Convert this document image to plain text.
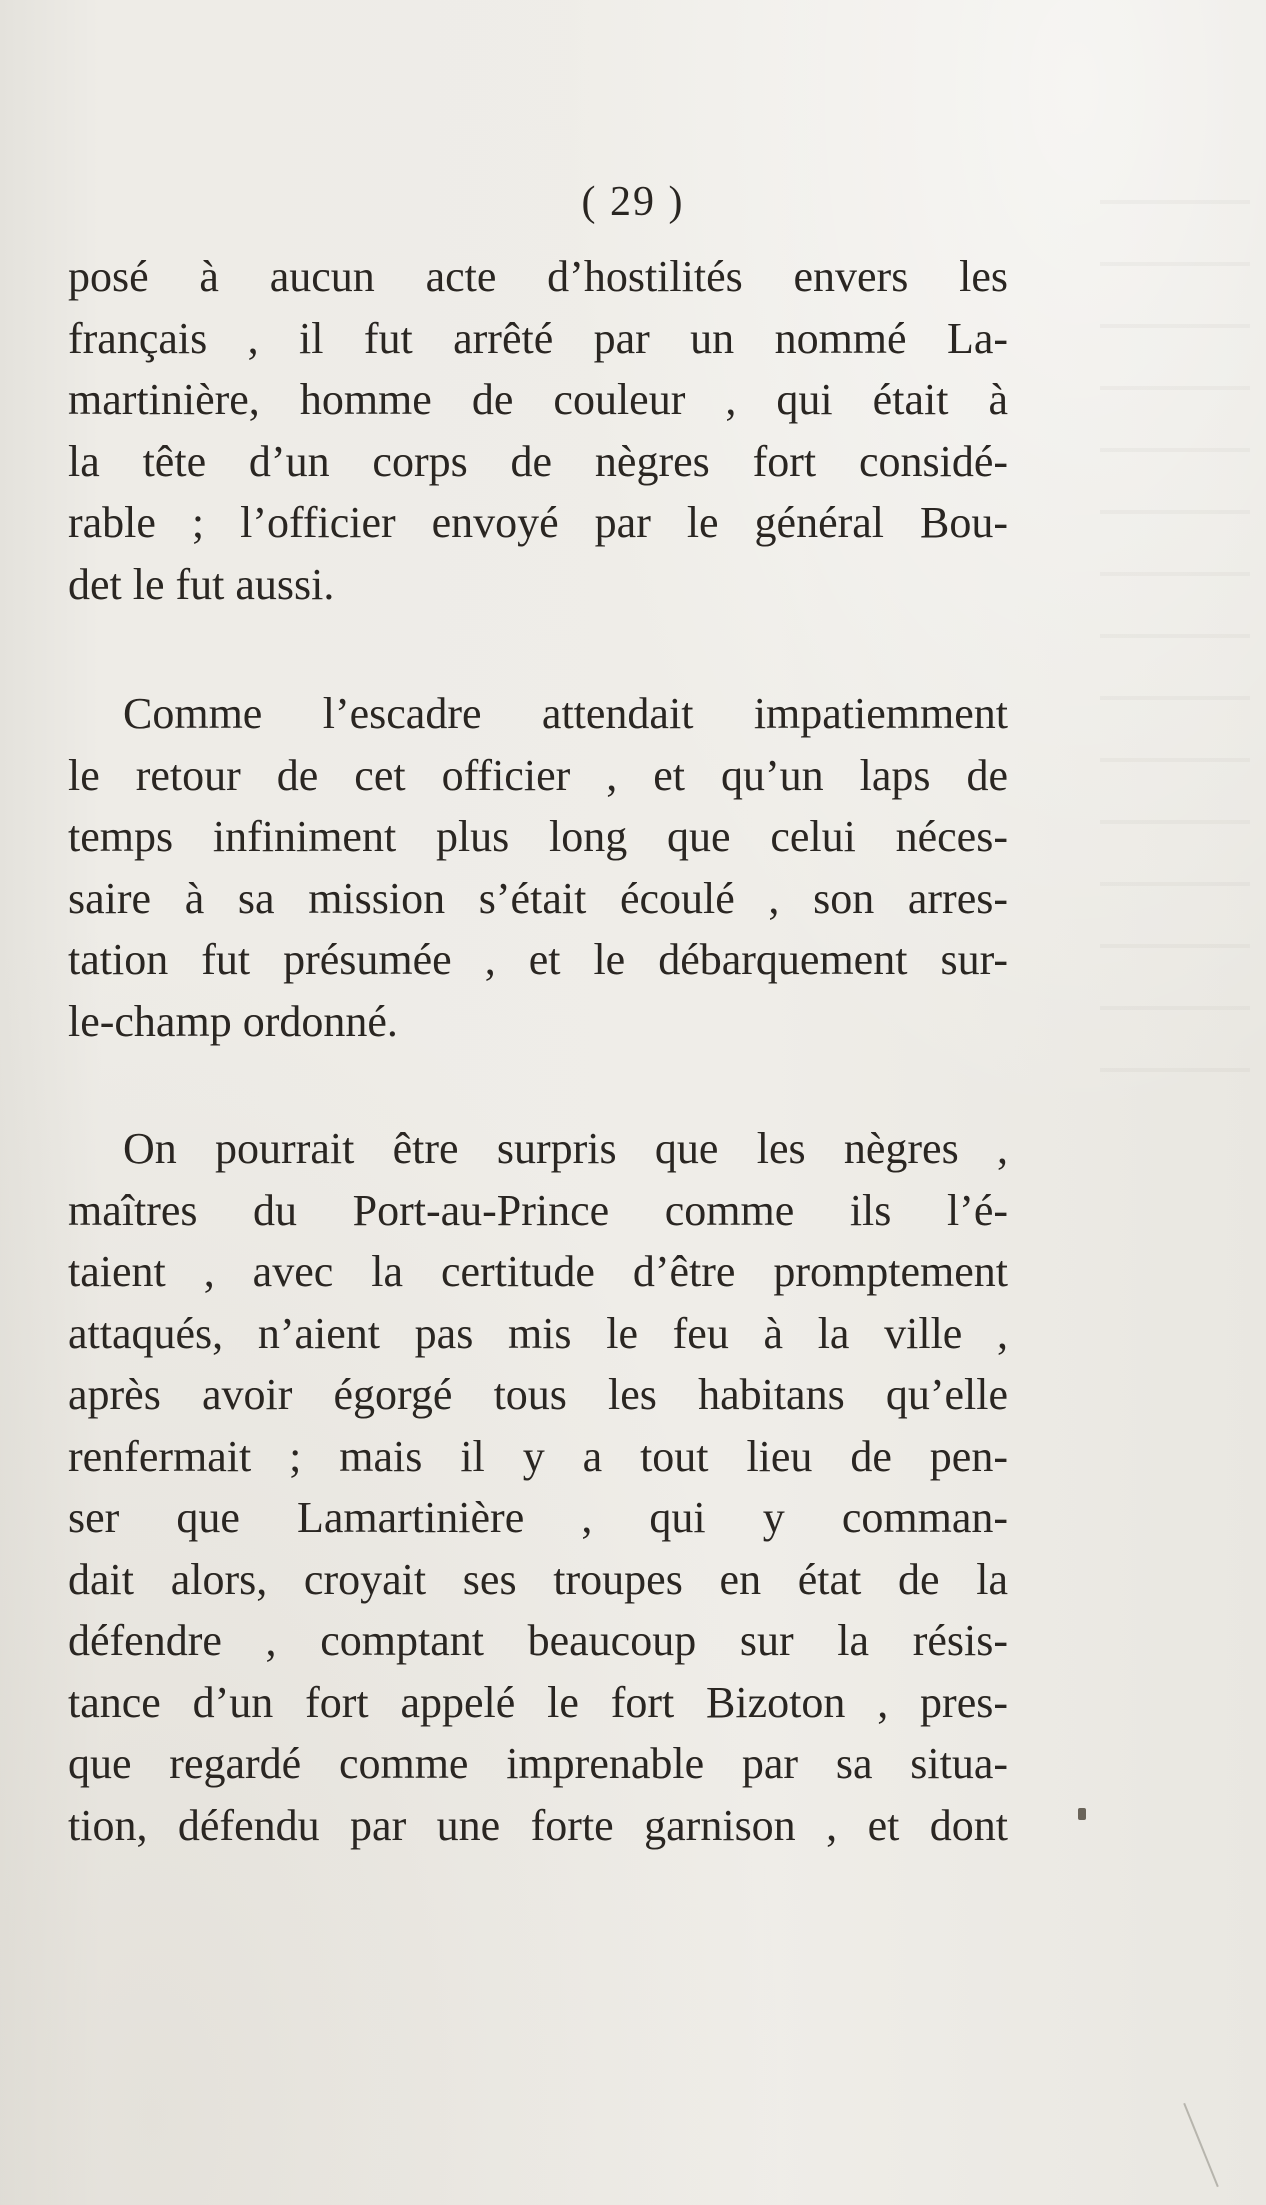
( 29 )
posé à aucun acte d’hostilités envers les
français , il fut arrêté par un nommé La-
martinière, homme de couleur , qui était à
la tête d’un corps de nègres fort considé-
rable ; l’officier envoyé par le général Bou-
det le fut aussi.
Comme l’escadre attendait impatiemment
le retour de cet officier , et qu’un laps de
temps infiniment plus long que celui néces-
saire à sa mission s’était écoulé , son arres-
tation fut présumée , et le débarquement sur-
le-champ ordonné.
On pourrait être surpris que les nègres ,
maîtres du Port-au-Prince comme ils l’é-
taient , avec la certitude d’être promptement
attaqués, n’aient pas mis le feu à la ville ,
après avoir égorgé tous les habitans qu’elle
renfermait ; mais il y a tout lieu de pen-
ser que Lamartinière , qui y comman-
dait alors, croyait ses troupes en état de la
défendre , comptant beaucoup sur la résis-
tance d’un fort appelé le fort Bizoton , pres-
que regardé comme imprenable par sa situa-
tion, défendu par une forte garnison , et dont
